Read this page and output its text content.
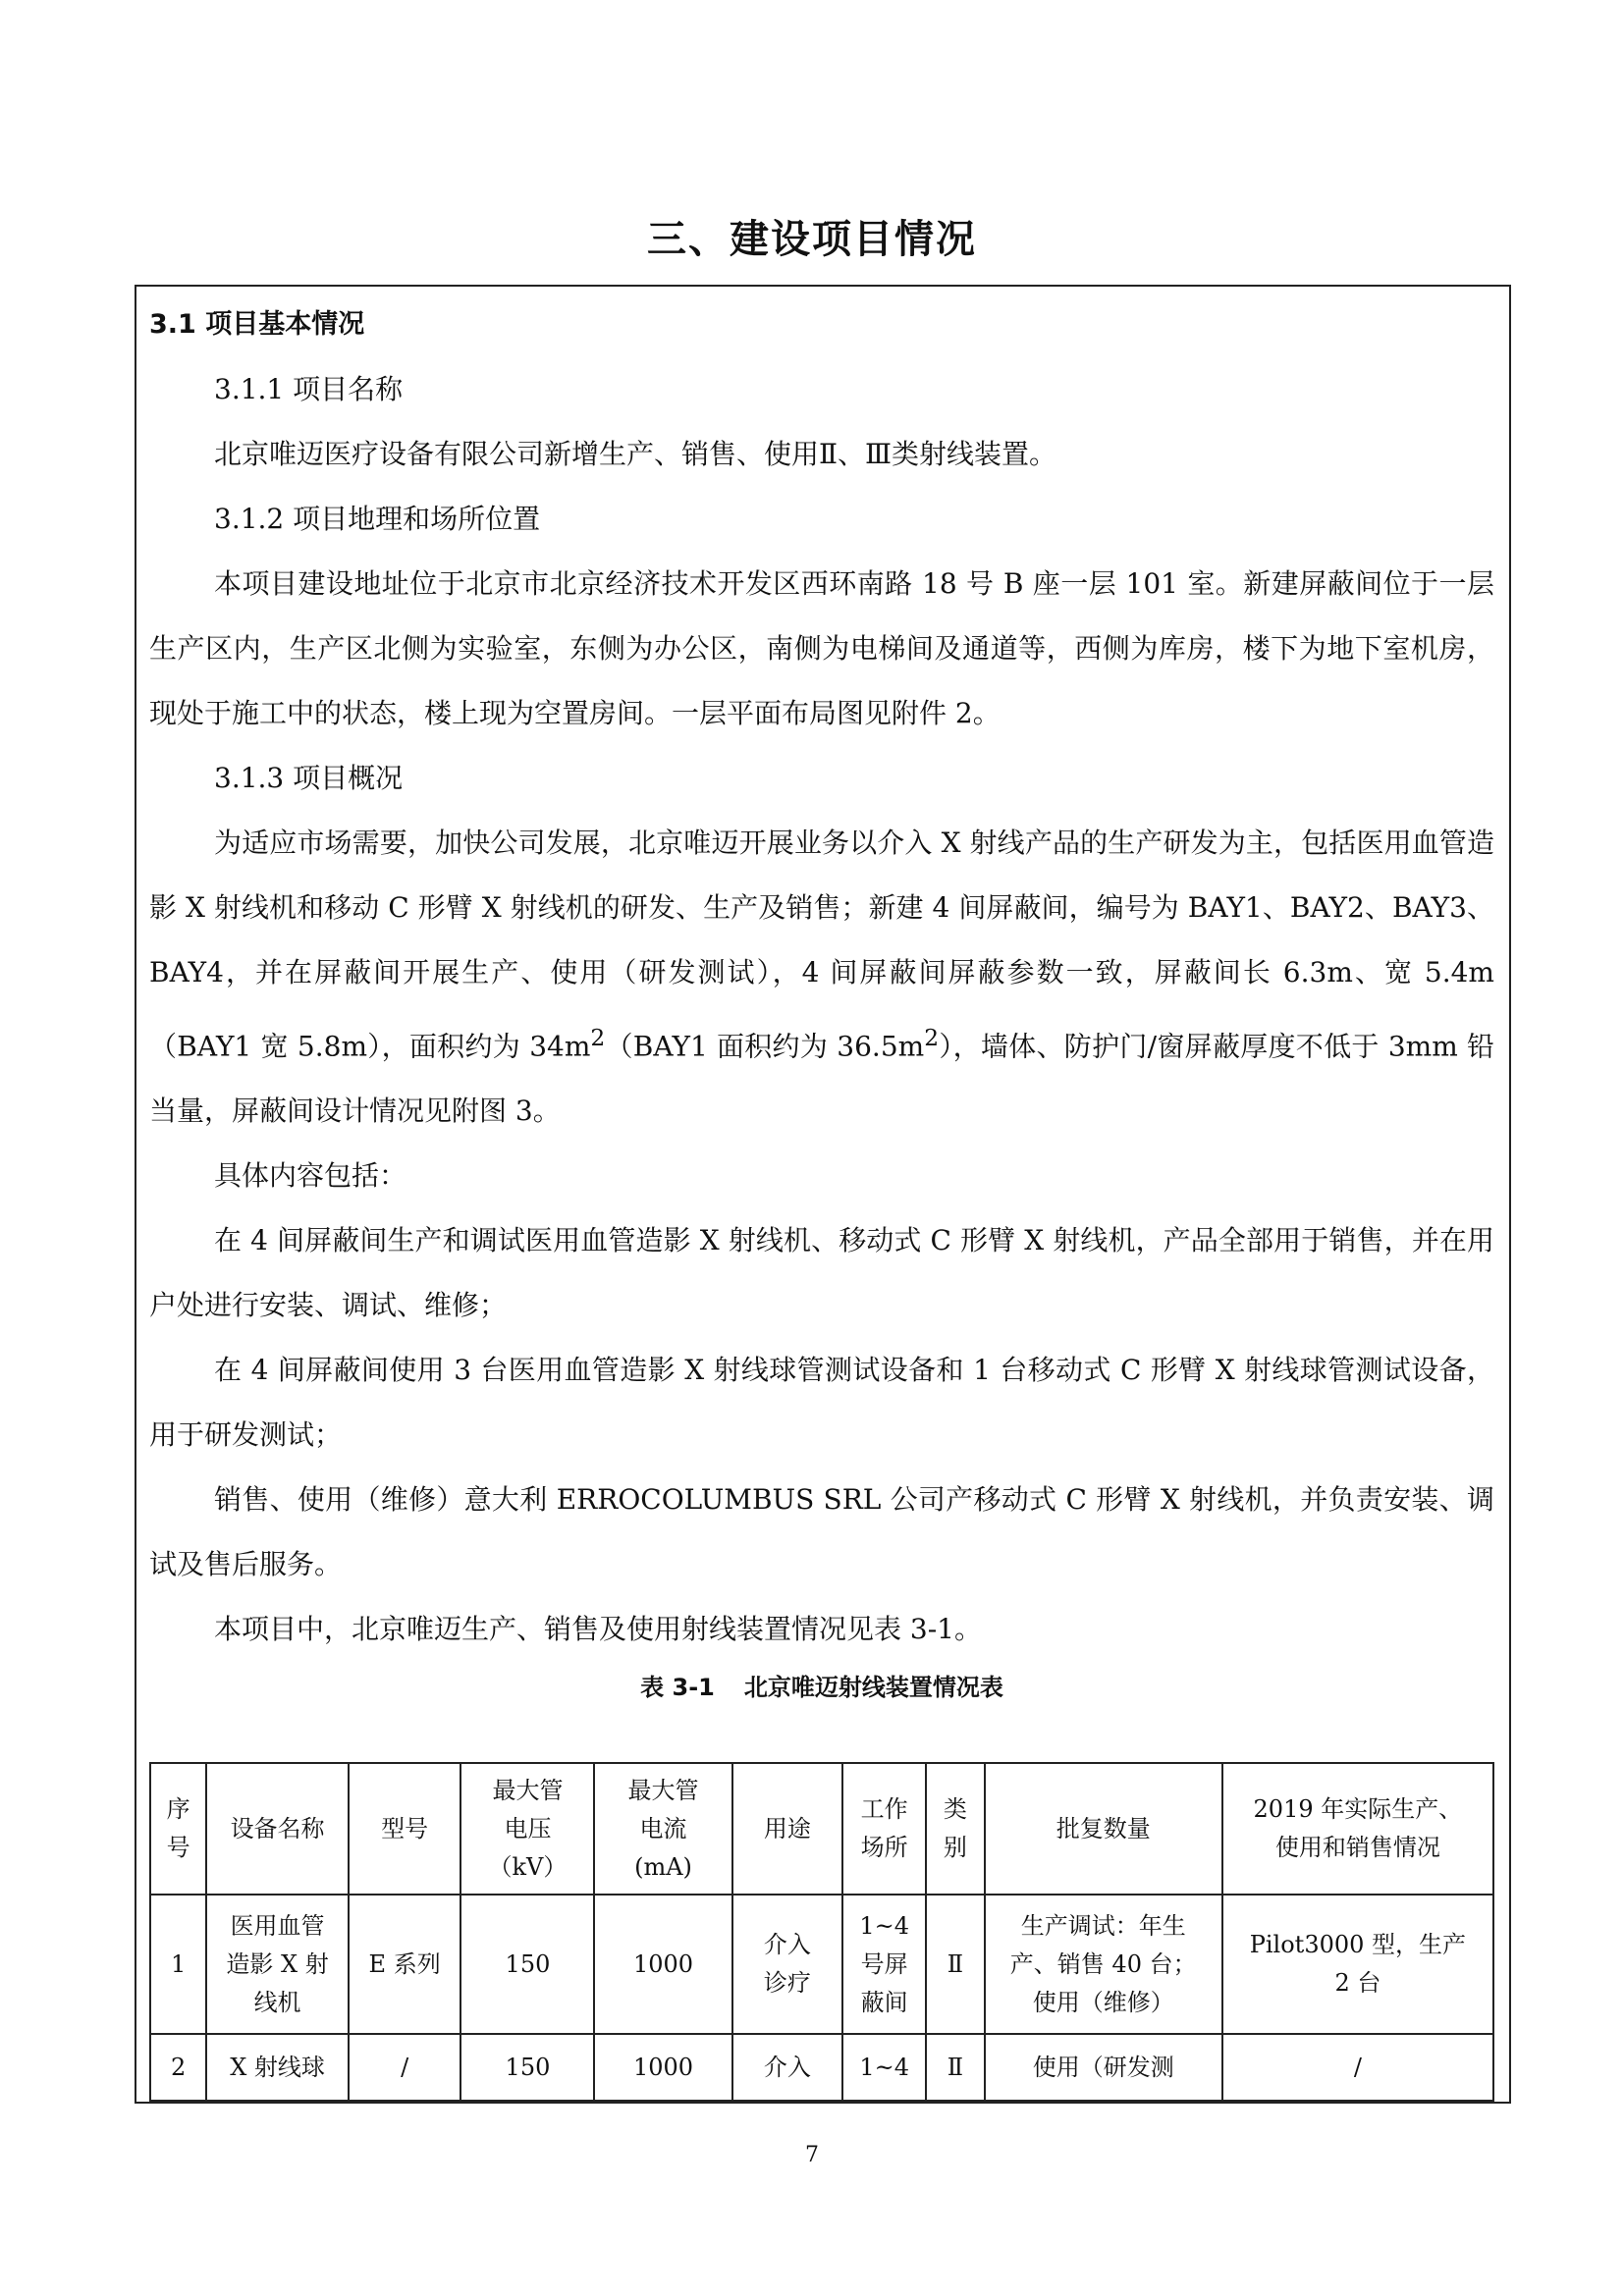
三、建设项目情况
3.1 项目基本情况
3.1.1 项目名称

北京唯迈医疗设备有限公司新增生产、销售、使用Ⅱ、Ⅲ类射线装置。

3.1.2 项目地理和场所位置

本项目建设地址位于北京市北京经济技术开发区西环南路 18 号 B 座一层 101 室。新建屏蔽间位于一层生产区内，生产区北侧为实验室，东侧为办公区，南侧为电梯间及通道等，西侧为库房，楼下为地下室机房，现处于施工中的状态，楼上现为空置房间。一层平面布局图见附件 2。

3.1.3 项目概况

为适应市场需要，加快公司发展，北京唯迈开展业务以介入 X 射线产品的生产研发为主，包括医用血管造影 X 射线机和移动 C 形臂 X 射线机的研发、生产及销售；新建 4 间屏蔽间，编号为 BAY1、BAY2、BAY3、BAY4，并在屏蔽间开展生产、使用（研发测试），4 间屏蔽间屏蔽参数一致，屏蔽间长 6.3m、宽 5.4m（BAY1 宽 5.8m），面积约为 $34m^2(BAY1$ 面积约为 $36.5m^2$），墙体、防护门/窗屏蔽厚度不低于 3mm 铅当量，屏蔽间设计情况见附图 3。

具体内容包括：

在 4 间屏蔽间生产和调试医用血管造影 X 射线机、移动式 C 形臂 X 射线机，产品全部用于销售，并在用户处进行安装、调试、维修；

在 4 间屏蔽间使用 3 台医用血管造影 X 射线球管测试设备和 1 台移动式 C 形臂 X 射线球管测试设备，用于研发测试；

销售、使用（维修）意大利 ERROCOLUMBUS SRL 公司产移动式 C 形臂 X 射线机，并负责安装、调试及售后服务。

本项目中，北京唯迈生产、销售及使用射线装置情况见表 3-1。

表 3-1 北京唯迈射线装置情况表
序
号	设备名称	型号	最大管
电压
（kV）	最大管
电流
(mA)	用途	工作
场所	类
别	批复数量	2019 年实际生产、
使用和销售情况
1	医用血管
造影 X 射
线机	E 系列	150	1000	介入
诊疗	1~4
号屏
蔽间	Ⅱ	生产调试：年生
产、销售 40 台；
使用（维修）	Pilot3000 型，生产
2 台
2	X 射线球	/	150	1000	介入	1~4	Ⅱ	使用（研发测	/
7
